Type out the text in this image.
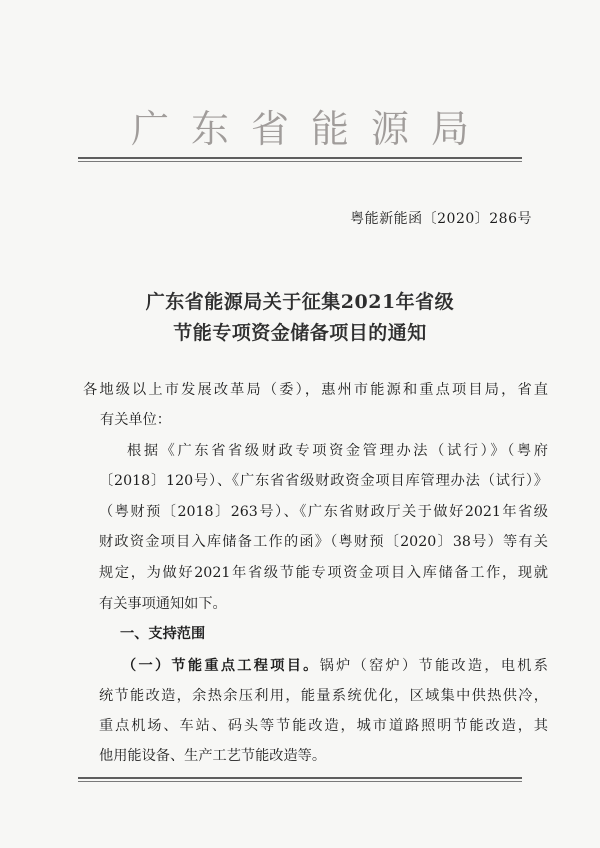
广东省能源局
粤能新能函〔2020〕286号
广东省能源局关于征集2021年省级
节能专项资金储备项目的通知
各地级以上市发展改革局（委），惠州市能源和重点项目局，省直
有关单位：
根据《广东省省级财政专项资金管理办法（试行）》（粤府
〔2018〕120号）、《广东省省级财政资金项目库管理办法（试行）》
（粤财预〔2018〕263号）、《广东省财政厅关于做好2021年省级
财政资金项目入库储备工作的函》（粤财预〔2020〕38号）等有关
规定，为做好2021年省级节能专项资金项目入库储备工作，现就
有关事项通知如下。
一、支持范围
（一）节能重点工程项目。锅炉（窑炉）节能改造，电机系
统节能改造，余热余压利用，能量系统优化，区域集中供热供冷，
重点机场、车站、码头等节能改造，城市道路照明节能改造，其
他用能设备、生产工艺节能改造等。
